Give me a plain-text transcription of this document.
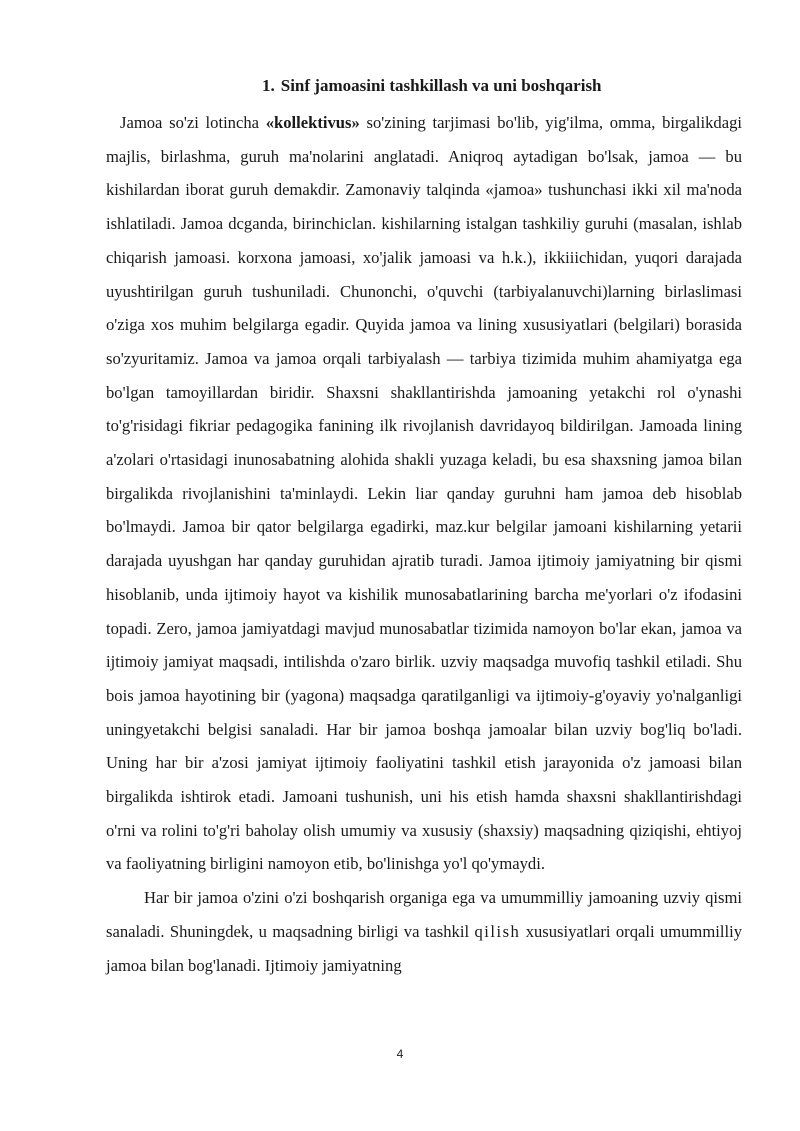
1. Sinf jamoasini tashkillash va uni boshqarish

Jamoa so'zi lotincha «kollektivus» so'zining tarjimasi bo'lib, yig'ilma, omma, birgalikdagi majlis, birlashma, guruh ma'nolarini anglatadi. Aniqroq aytadigan bo'lsak, jamoa — bu kishilardan iborat guruh demakdir. Zamonaviy talqinda «jamoa» tushunchasi ikki xil ma'noda ishlatiladi. Jamoa dcganda, birinchiclan. kishilarning istalgan tashkiliy guruhi (masalan, ishlab chiqarish jamoasi. korxona jamoasi, xo'jalik jamoasi va h.k.), ikkiiichidan, yuqori darajada uyushtirilgan guruh tushuniladi. Chunonchi, o'quvchi (tarbiyalanuvchi)larning birlaslimasi o'ziga xos muhim belgilarga egadir. Quyida jamoa va lining xususiyatlari (belgilari) borasida so'zyuritamiz. Jamoa va jamoa orqali tarbiyalash — tarbiya tizimida muhim ahamiyatga ega bo'lgan tamoyillardan biridir. Shaxsni shakllantirishda jamoaning yetakchi rol o'ynashi to'g'risidagi fikriar pedagogika fanining ilk rivojlanish davridayoq bildirilgan. Jamoada lining a'zolari o'rtasidagi inunosabatning alohida shakli yuzaga keladi, bu esa shaxsning jamoa bilan birgalikda rivojlanishini ta'minlaydi. Lekin liar qanday guruhni ham jamoa deb hisoblab bo'lmaydi. Jamoa bir qator belgilarga egadirki, maz.kur belgilar jamoani kishilarning yetarii darajada uyushgan har qanday guruhidan ajratib turadi. Jamoa ijtimoiy jamiyatning bir qismi hisoblanib, unda ijtimoiy hayot va kishilik munosabatlarining barcha me'yorlari o'z ifodasini topadi. Zero, jamoa jamiyatdagi mavjud munosabatlar tizimida namoyon bo'lar ekan, jamoa va ijtimoiy jamiyat maqsadi, intilishda o'zaro birlik. uzviy maqsadga muvofiq tashkil etiladi. Shu bois jamoa hayotining bir (yagona) maqsadga qaratilganligi va ijtimoiy-g'oyaviy yo'nalganligi uningyetakchi belgisi sanaladi. Har bir jamoa boshqa jamoalar bilan uzviy bog'liq bo'ladi. Uning har bir a'zosi jamiyat ijtimoiy faoliyatini tashkil etish jarayonida o'z jamoasi bilan birgalikda ishtirok etadi. Jamoani tushunish, uni his etish hamda shaxsni shakllantirishdagi o'rni va rolini to'g'ri baholay olish umumiy va xususiy (shaxsiy) maqsadning qiziqishi, ehtiyoj va faoliyatning birligini namoyon etib, bo'linishga yo'l qo'ymaydi.

Har bir jamoa o'zini o'zi boshqarish organiga ega va umummilliy jamoaning uzviy qismi sanaladi. Shuningdek, u maqsadning birligi va tashkil qilish xususiyatlari orqali umummilliy jamoa bilan bog'lanadi. Ijtimoiy jamiyatning

4
